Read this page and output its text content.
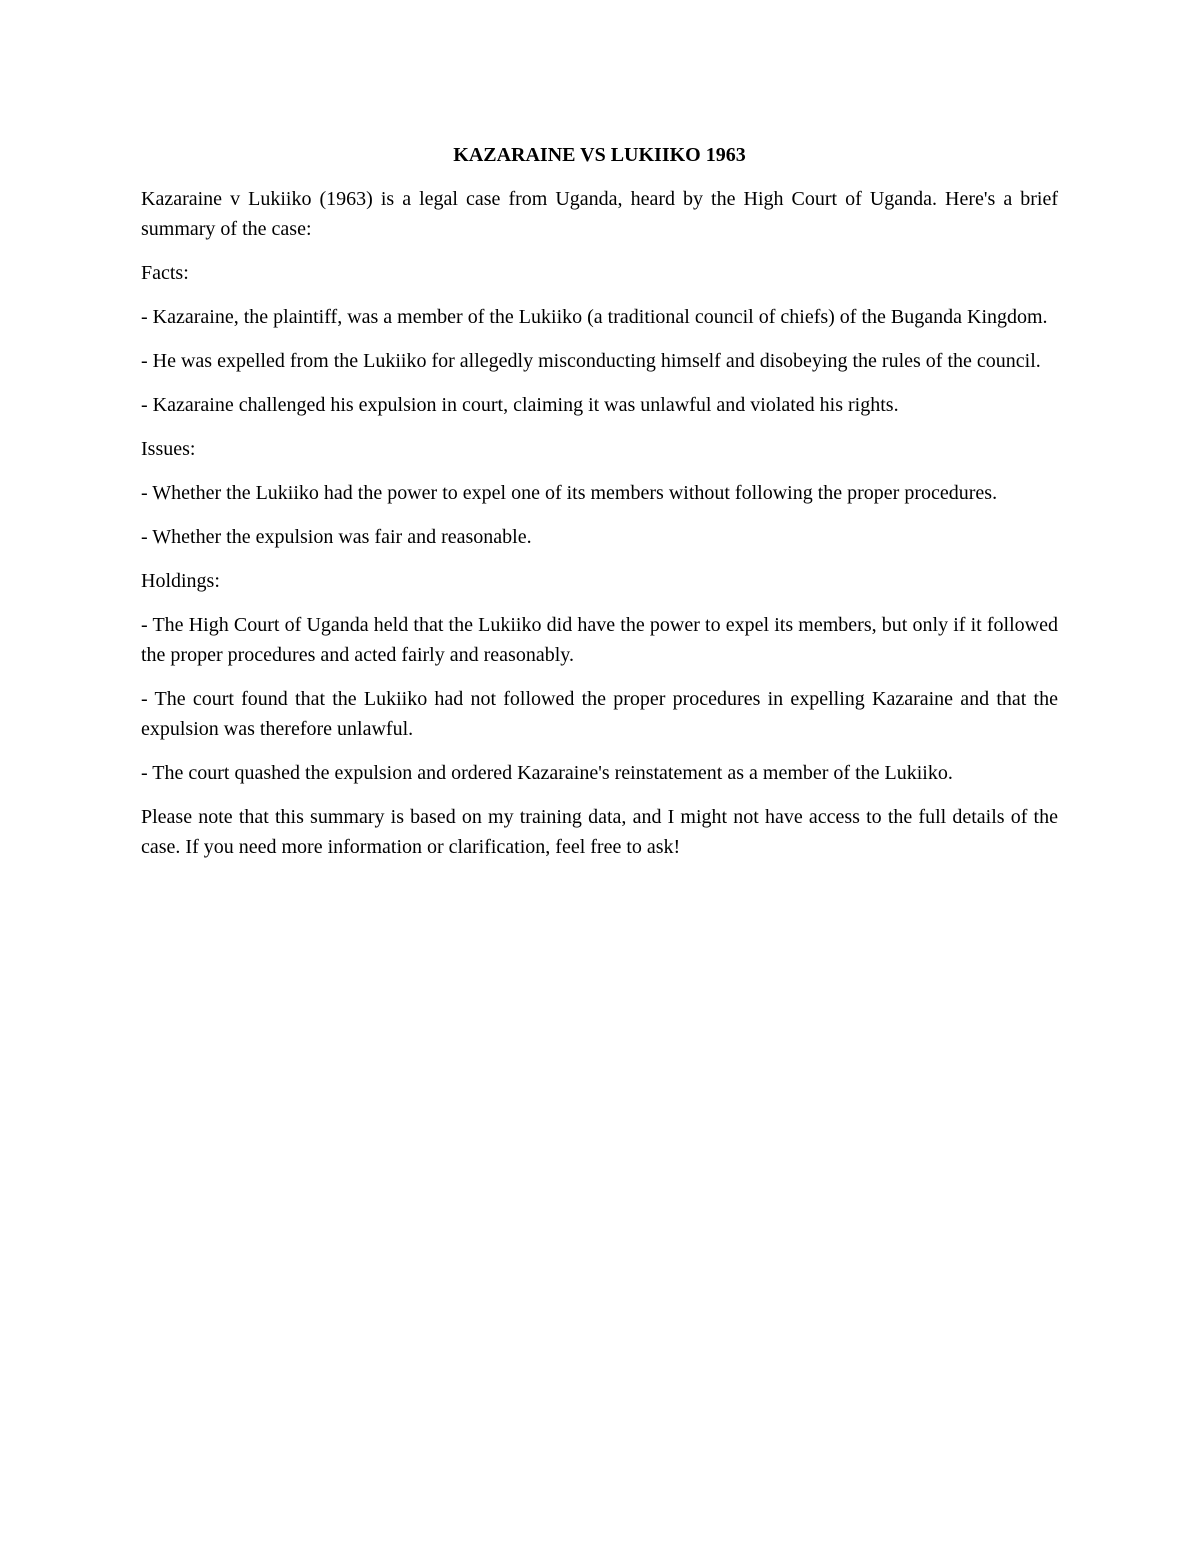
KAZARAINE VS LUKIIKO 1963

Kazaraine v Lukiiko (1963) is a legal case from Uganda, heard by the High Court of Uganda. Here's a brief summary of the case:

Facts:

- Kazaraine, the plaintiff, was a member of the Lukiiko (a traditional council of chiefs) of the Buganda Kingdom.

- He was expelled from the Lukiiko for allegedly misconducting himself and disobeying the rules of the council.

- Kazaraine challenged his expulsion in court, claiming it was unlawful and violated his rights.

Issues:

- Whether the Lukiiko had the power to expel one of its members without following the proper procedures.

- Whether the expulsion was fair and reasonable.

Holdings:

- The High Court of Uganda held that the Lukiiko did have the power to expel its members, but only if it followed the proper procedures and acted fairly and reasonably.

- The court found that the Lukiiko had not followed the proper procedures in expelling Kazaraine and that the expulsion was therefore unlawful.

- The court quashed the expulsion and ordered Kazaraine's reinstatement as a member of the Lukiiko.

Please note that this summary is based on my training data, and I might not have access to the full details of the case. If you need more information or clarification, feel free to ask!
